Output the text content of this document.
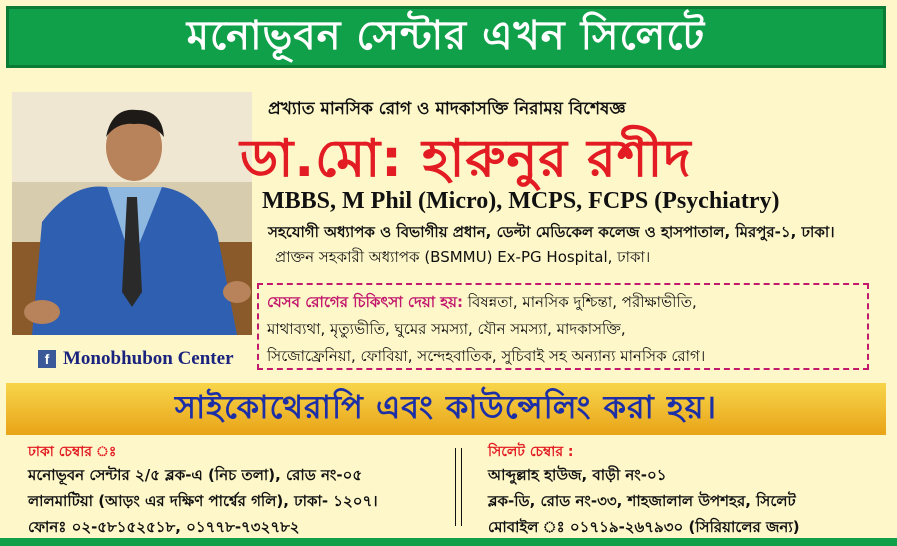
মনোভূবন সেন্টার এখন সিলেটে
প্রখ্যাত মানসিক রোগ ও মাদকাসক্তি নিরাময় বিশেষজ্ঞ
ডা.মো: হারুনুর রশীদ
MBBS, M Phil (Micro), MCPS, FCPS (Psychiatry)
সহযোগী অধ্যাপক ও বিভাগীয় প্রধান, ডেল্টা মেডিকেল কলেজ ও হাসপাতাল, মিরপুর-১, ঢাকা।
প্রাক্তন সহকারী অধ্যাপক (BSMMU) Ex-PG Hospital, ঢাকা।
f Monobhubon Center
যেসব রোগের চিকিৎসা দেয়া হয়: বিষন্নতা, মানসিক দুশ্চিন্তা, পরীক্ষাভীতি,
মাথাব্যথা, মৃত্যুভীতি, ঘুমের সমস্যা, যৌন সমস্যা, মাদকাসক্তি,
সিজোফ্রেনিয়া, ফোবিয়া, সন্দেহবাতিক, সুচিবাই সহ অন্যান্য মানসিক রোগ।
সাইকোথেরাপি এবং কাউন্সেলিং করা হয়।
ঢাকা চেম্বার ঃ
মনোভূবন সেন্টার ২/৫ ব্লক-এ (নিচ তলা), রোড নং-০৫
লালমাটিয়া (আড়ং এর দক্ষিণ পার্শ্বের গলি), ঢাকা- ১২০৭।
ফোনঃ ০২-৫৮১৫২৫১৮, ০১৭৭৮-৭৩২৭৮২
সিলেট চেম্বার :
আব্দুল্লাহ হাউজ, বাড়ী নং-০১
ব্লক-ডি, রোড নং-৩৩, শাহজালাল উপশহর, সিলেট
মোবাইল ঃ ০১৭১৯-২৬৭৯৩০ (সিরিয়ালের জন্য)
